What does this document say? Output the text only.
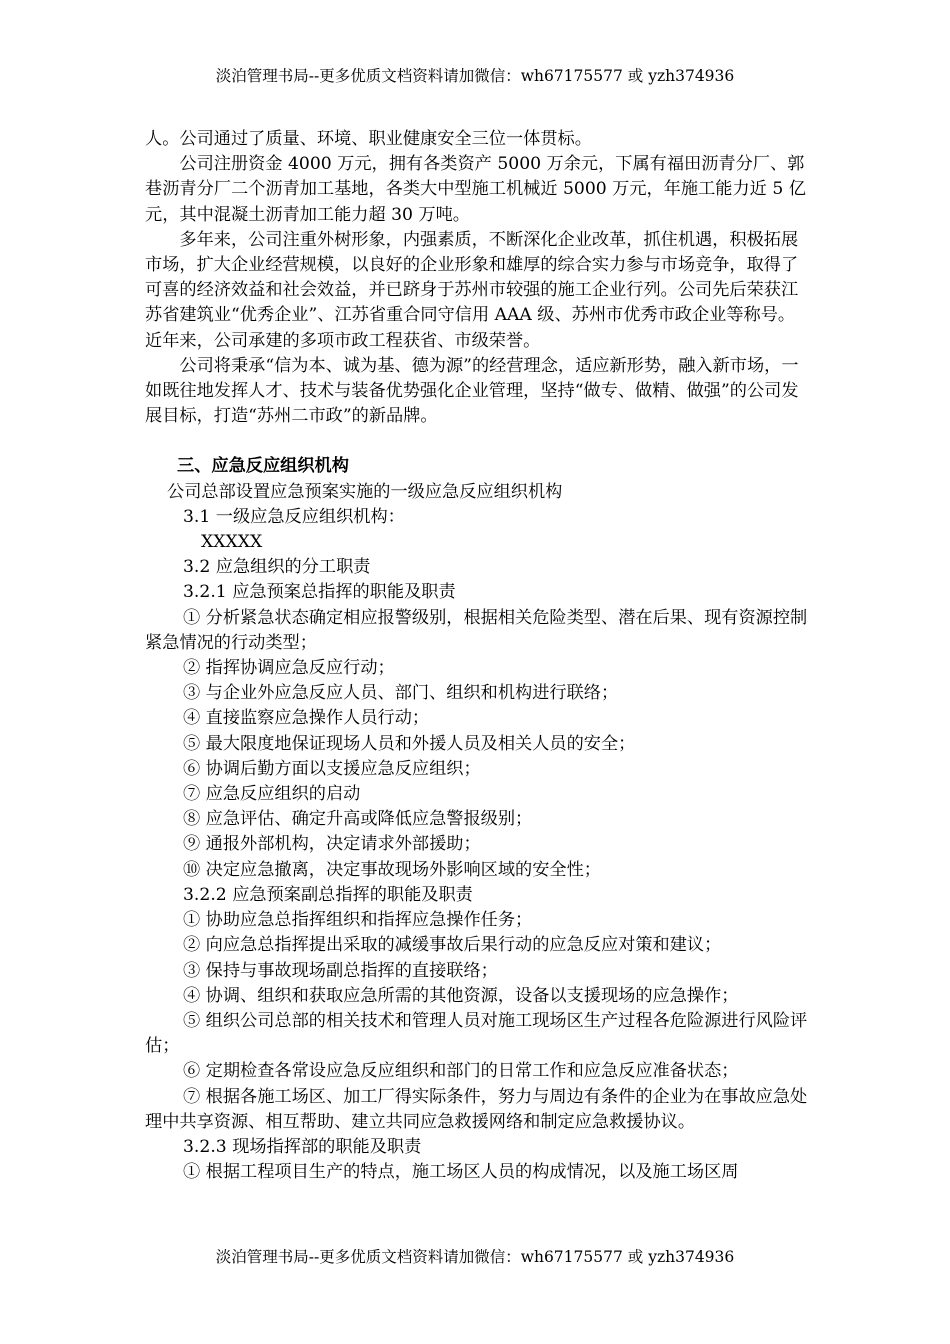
淡泊管理书局--更多优质文档资料请加微信：wh67175577 或 yzh374936

人。公司通过了质量、环境、职业健康安全三位一体贯标。

公司注册资金 4000 万元，拥有各类资产 5000 万余元，下属有福田沥青分厂、郭巷沥青分厂二个沥青加工基地，各类大中型施工机械近 5000 万元，年施工能力近 5 亿元，其中混凝土沥青加工能力超 30 万吨。

多年来，公司注重外树形象，内强素质，不断深化企业改革，抓住机遇，积极拓展市场，扩大企业经营规模，以良好的企业形象和雄厚的综合实力参与市场竞争，取得了可喜的经济效益和社会效益，并已跻身于苏州市较强的施工企业行列。公司先后荣获江苏省建筑业“优秀企业”、江苏省重合同守信用 AAA 级、苏州市优秀市政企业等称号。近年来，公司承建的多项市政工程获省、市级荣誉。

公司将秉承“信为本、诚为基、德为源”的经营理念，适应新形势，融入新市场，一如既往地发挥人才、技术与装备优势强化企业管理，坚持“做专、做精、做强”的公司发展目标，打造“苏州二市政”的新品牌。

三、应急反应组织机构

公司总部设置应急预案实施的一级应急反应组织机构

3.1 一级应急反应组织机构：

XXXXX

3.2 应急组织的分工职责

3.2.1 应急预案总指挥的职能及职责

① 分析紧急状态确定相应报警级别，根据相关危险类型、潜在后果、现有资源控制紧急情况的行动类型；

② 指挥协调应急反应行动；

③ 与企业外应急反应人员、部门、组织和机构进行联络；

④ 直接监察应急操作人员行动；

⑤ 最大限度地保证现场人员和外援人员及相关人员的安全；

⑥ 协调后勤方面以支援应急反应组织；

⑦ 应急反应组织的启动

⑧ 应急评估、确定升高或降低应急警报级别；

⑨ 通报外部机构，决定请求外部援助；

⑩ 决定应急撤离，决定事故现场外影响区域的安全性；

3.2.2 应急预案副总指挥的职能及职责

① 协助应急总指挥组织和指挥应急操作任务；

② 向应急总指挥提出采取的减缓事故后果行动的应急反应对策和建议；

③ 保持与事故现场副总指挥的直接联络；

④ 协调、组织和获取应急所需的其他资源，设备以支援现场的应急操作；

⑤ 组织公司总部的相关技术和管理人员对施工现场区生产过程各危险源进行风险评估；

⑥ 定期检查各常设应急反应组织和部门的日常工作和应急反应准备状态；

⑦ 根据各施工场区、加工厂得实际条件，努力与周边有条件的企业为在事故应急处理中共享资源、相互帮助、建立共同应急救援网络和制定应急救援协议。

3.2.3 现场指挥部的职能及职责

① 根据工程项目生产的特点，施工场区人员的构成情况，以及施工场区周

淡泊管理书局--更多优质文档资料请加微信：wh67175577 或 yzh374936
